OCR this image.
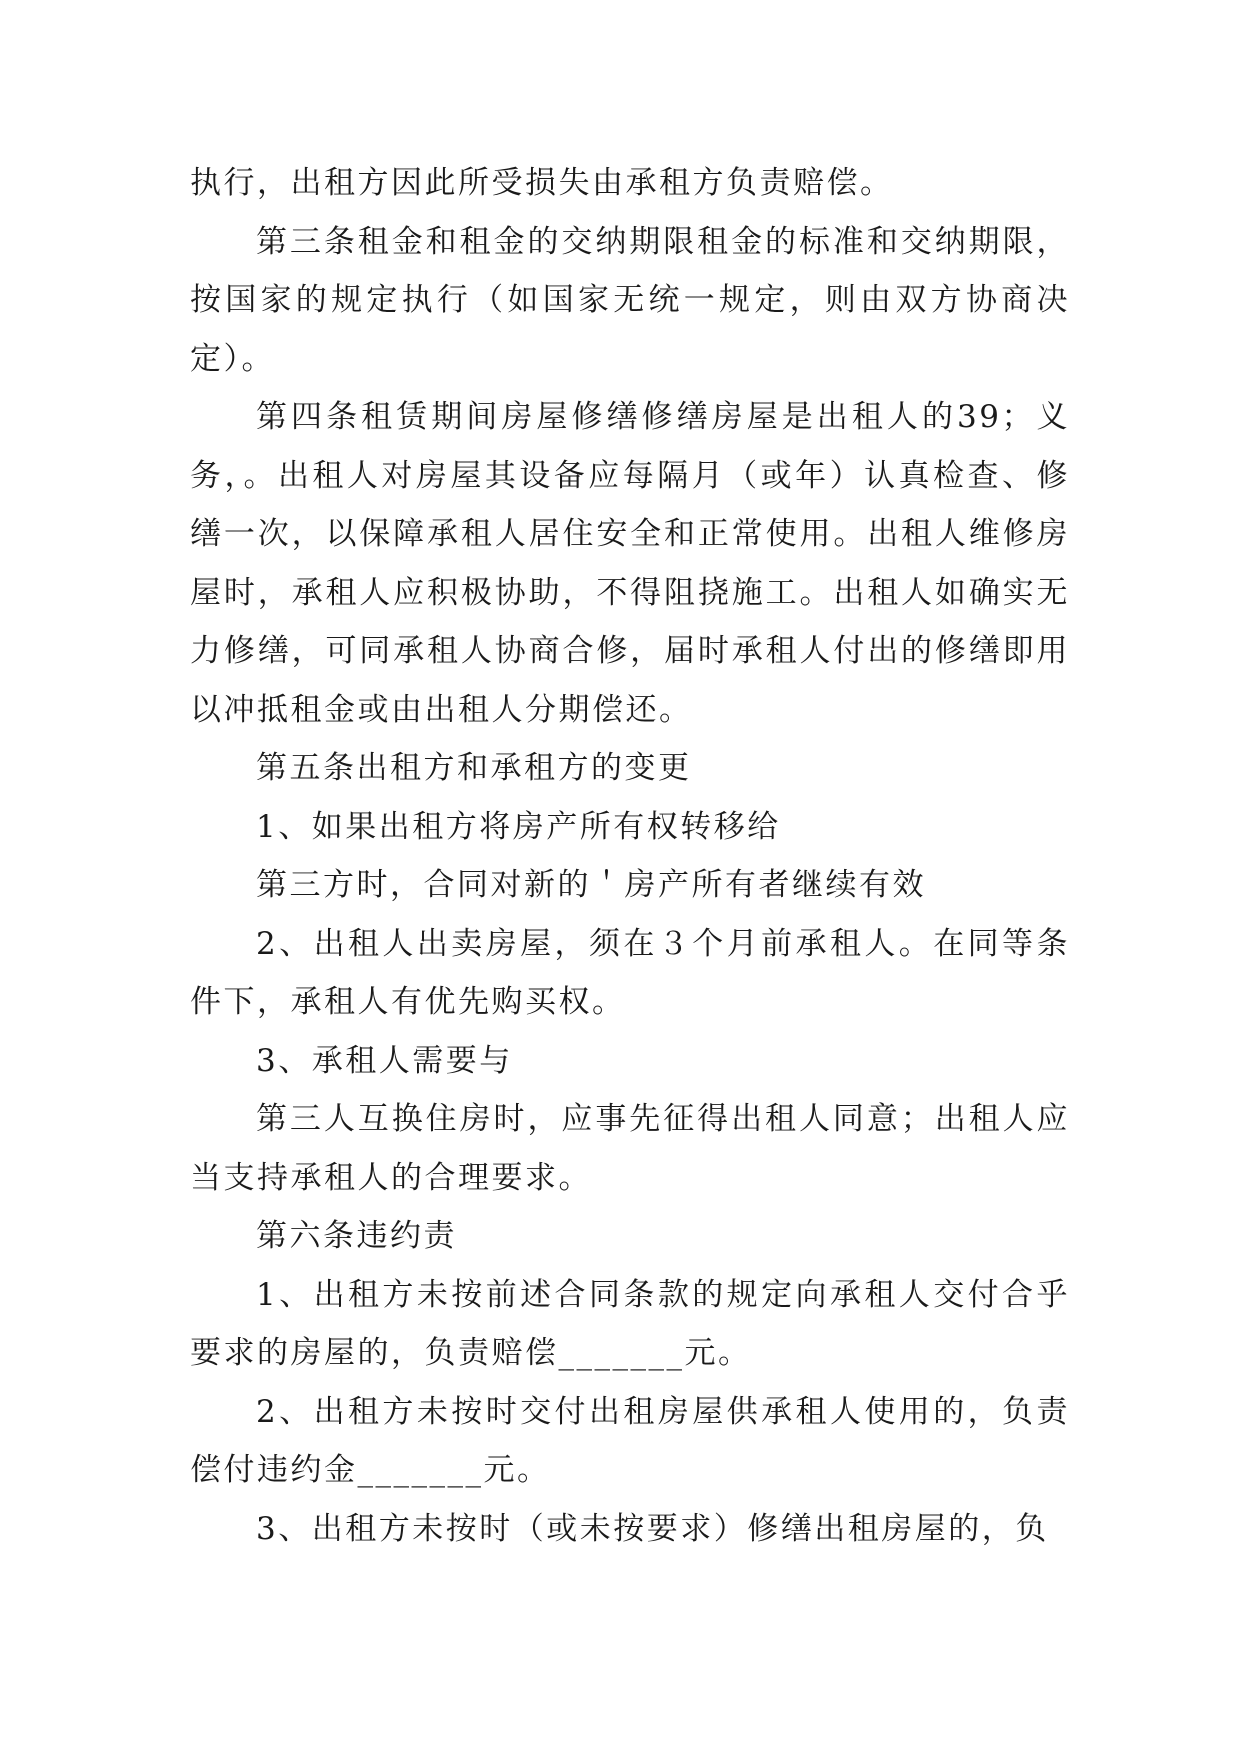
执行，出租方因此所受损失由承租方负责赔偿。

第三条租金和租金的交纳期限租金的标准和交纳期限，按国家的规定执行（如国家无统一规定，则由双方协商决定）。

第四条租赁期间房屋修缮修缮房屋是出租人的39；义务，。出租人对房屋其设备应每隔月（或年）认真检查、修缮一次，以保障承租人居住安全和正常使用。出租人维修房屋时，承租人应积极协助，不得阻挠施工。出租人如确实无力修缮，可同承租人协商合修，届时承租人付出的修缮即用以冲抵租金或由出租人分期偿还。

第五条出租方和承租方的变更

1、如果出租方将房产所有权转移给

第三方时，合同对新的＇房产所有者继续有效

2、出租人出卖房屋，须在３个月前承租人。在同等条件下，承租人有优先购买权。

3、承租人需要与

第三人互换住房时，应事先征得出租人同意；出租人应当支持承租人的合理要求。

第六条违约责

1、出租方未按前述合同条款的规定向承租人交付合乎要求的房屋的，负责赔偿_______元。

2、出租方未按时交付出租房屋供承租人使用的，负责偿付违约金_______元。

3、出租方未按时（或未按要求）修缮出租房屋的，负
